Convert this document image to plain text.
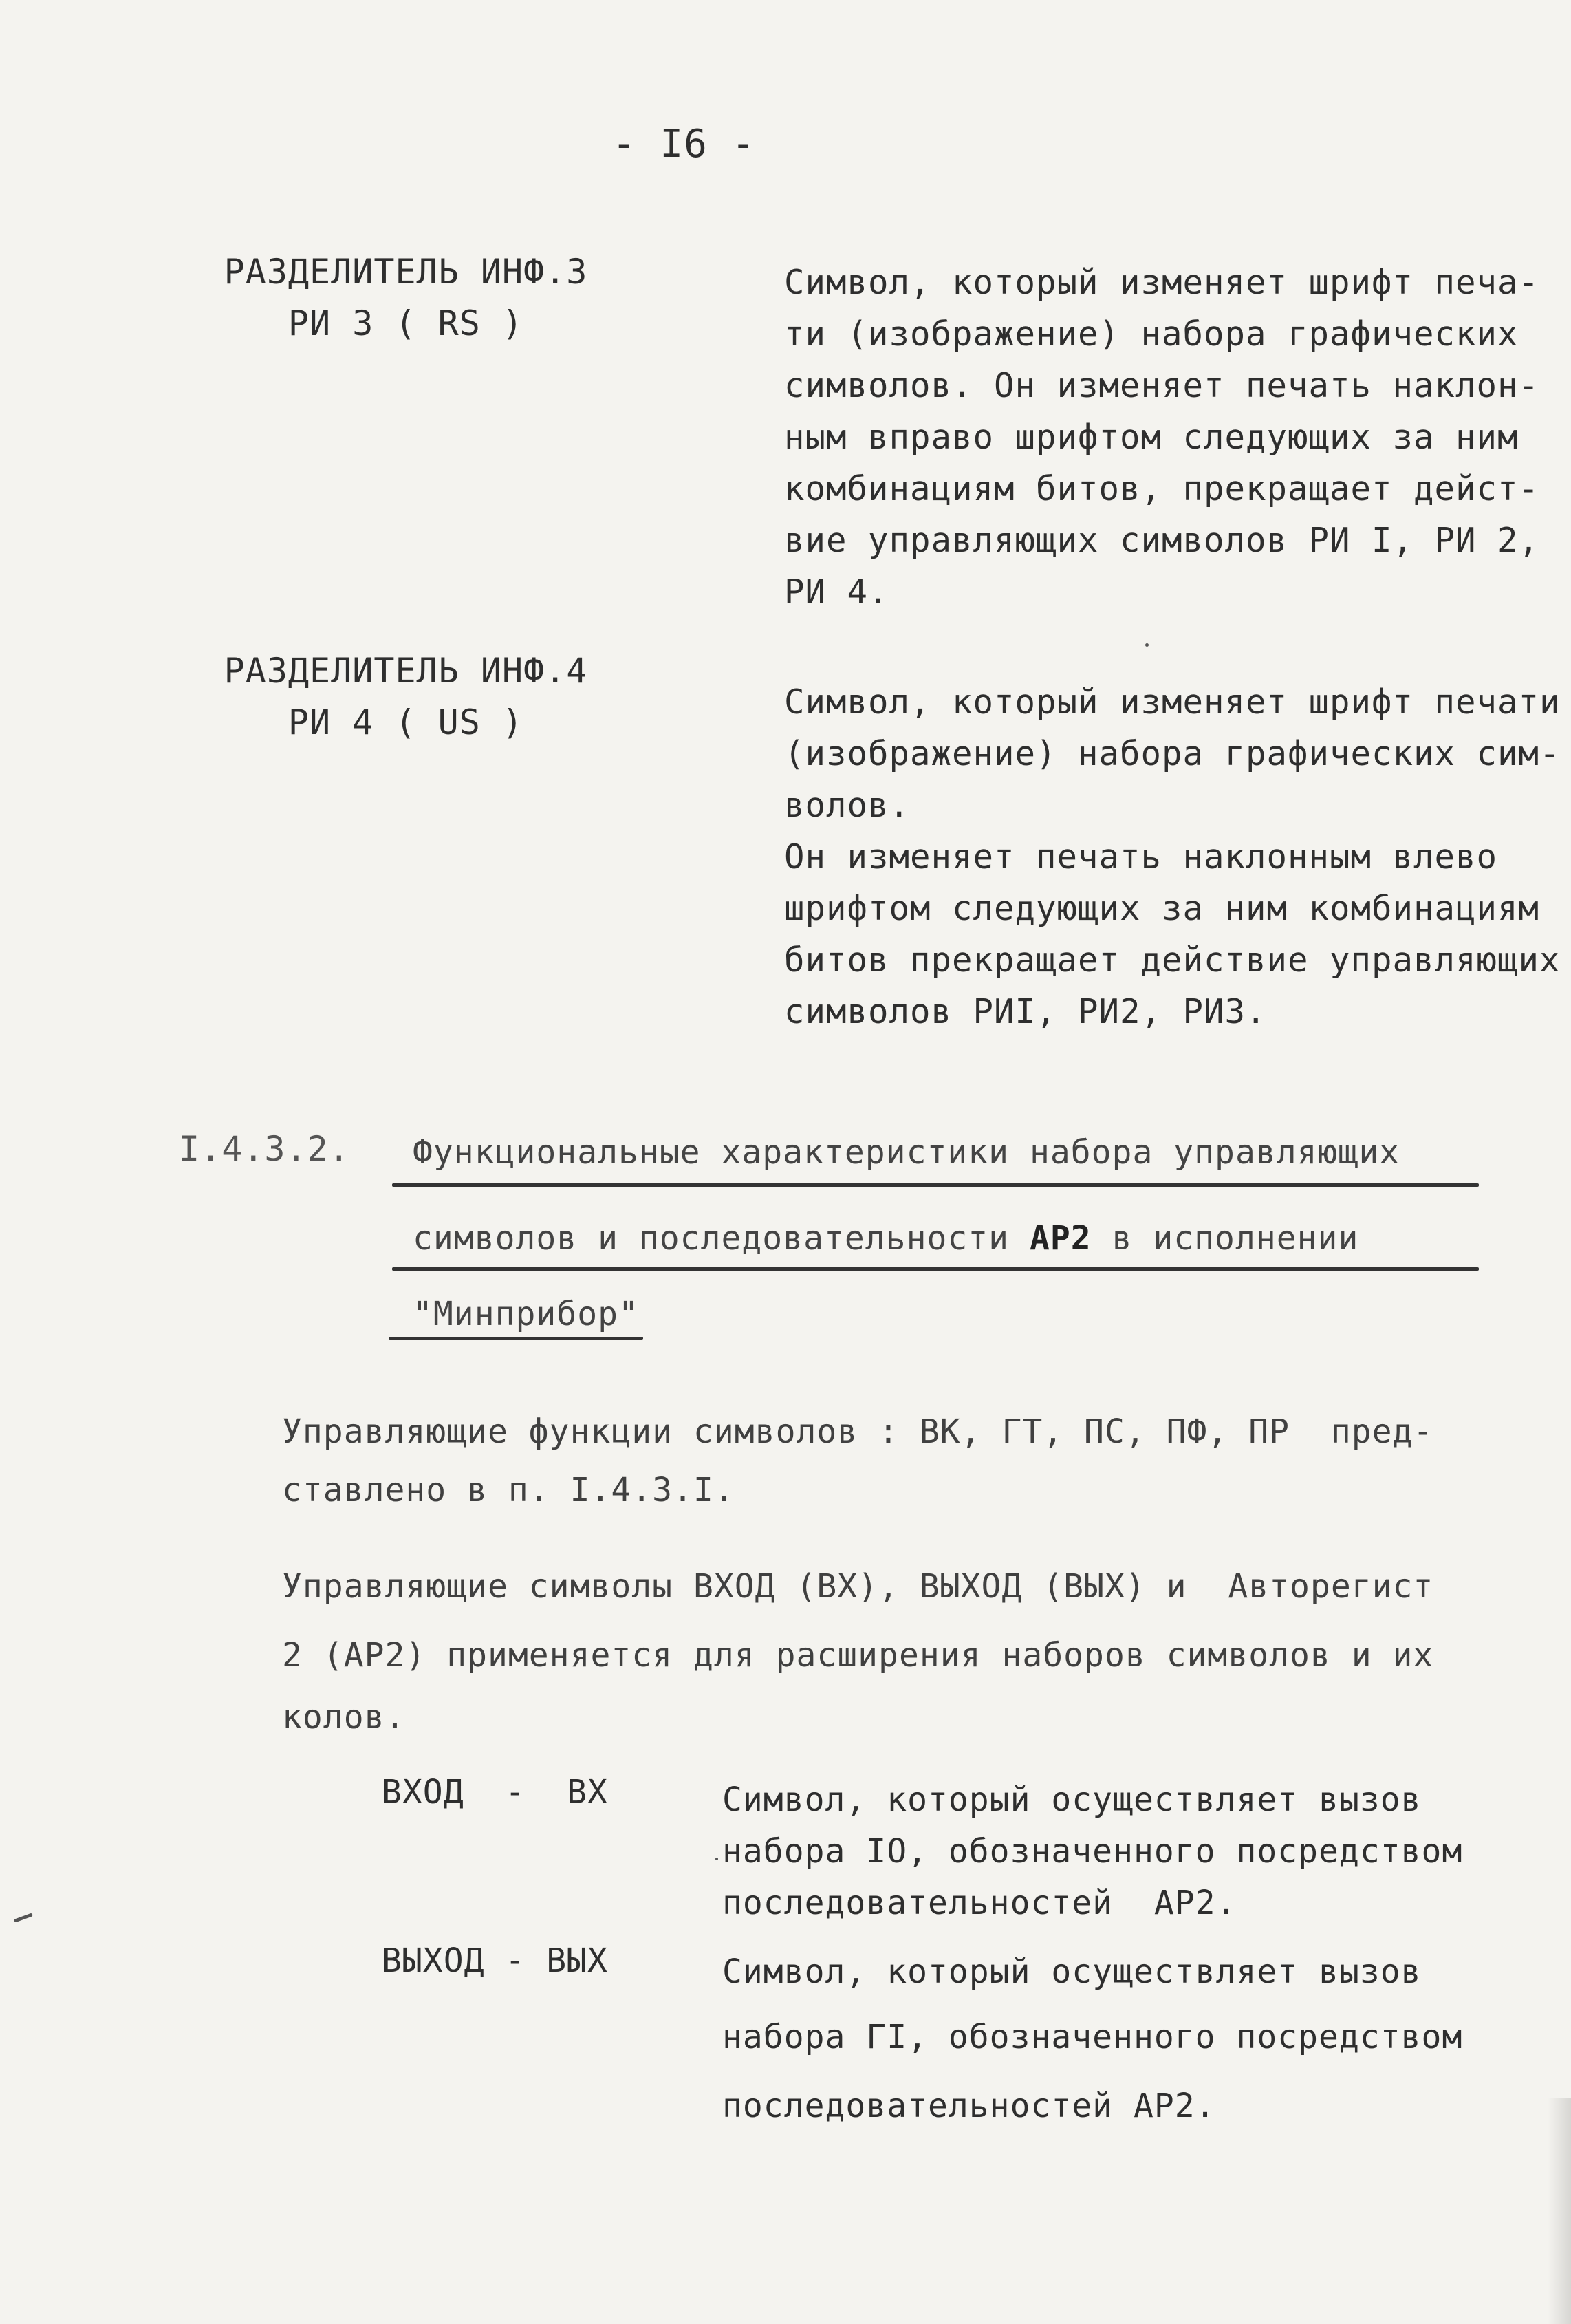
- I6 -
РАЗДЕЛИТЕЛЬ ИНФ.3
РИ 3 ( RS )
Символ, который изменяет шрифт печа-
ти (изображение) набора графических
символов. Он изменяет печать наклон-
ным вправо шрифтом следующих за ним
комбинациям битов, прекращает дейст-
вие управляющих символов РИ I, РИ 2,
РИ 4.
РАЗДЕЛИТЕЛЬ ИНФ.4
РИ 4 ( US )
Символ, который изменяет шрифт печати
(изображение) набора графических сим-
волов.
Он изменяет печать наклонным влево
шрифтом следующих за ним комбинациям
битов прекращает действие управляющих
символов РИI, РИ2, РИ3.
I.4.3.2. Функциональные характеристики набора управляющих
символов и последовательности АР2 в исполнении
"Минприбор"
Управляющие функции символов : ВК, ГТ, ПС, ПФ, ПР  пред-
ставлено в п. I.4.3.I.
Управляющие символы ВХОД (ВХ), ВЫХОД (ВЫХ) и  Авторегист
2 (АР2) применяется для расширения наборов символов и их
колов.
ВХОД  -  ВХ	Символ, который осуществляет вызов
набора IO, обозначенного посредством
последовательностей  АР2.
ВЫХОД - ВЫХ	Символ, который осуществляет вызов
набора ГI, обозначенного посредством
последовательностей АР2.
